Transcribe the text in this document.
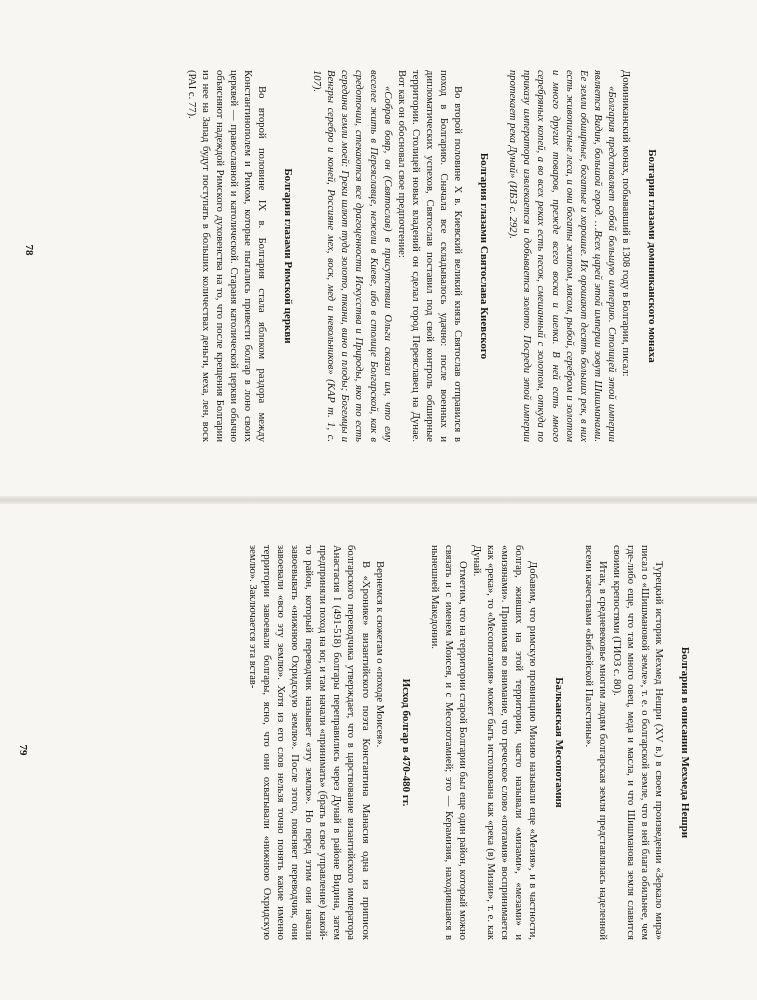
Болгария глазами доминиканского монаха

Доминиканский монах, побывавший в 1308 году в Болгарии, писал:

«Болгария представляет собой большую империю. Столицей этой империи является Видин, большой город. …Всех царей этой империи зовут Шишманами. Ее земли обширные, богатые и хорошие. Их орошают десять больших рек, в них есть живописные леса, и они богаты житом, мясом, рыбой, серебром и золотом и много других товаров, прежде всего воска и шелка. В ней есть много серебряных копей, а во всех реках есть песок, смешанный с золотом, откуда по приказу императора извлекается и добывается золото. Посреди этой империи протекает река Дунай» (ИБЗ с. 292).

Болгария глазами Святослава Киевского

Во второй половине Х в. Киевский великий князь Святослав отправился в поход в Болгарию. Сначала все складывалось удачно: после военных и дипломатических успехов, Святослав поставил под свой контроль обширные территории. Столицей новых владений он сделал город Переяславец на Дунае. Вот как он обосновал свое предпочтение:

«Собрав бояр, он (Святослав) в присутствии Ольги сказал им, что ему веселее жить в Переяславце, нежели в Киеве, ибо в столице Болгарской, как в средоточии, стекаются все драгоценности Искусства и Природы, яко то есть середина земли моей: Греки шлют туда золото, ткани, вино и плоды; Богемцы и Венгры серебро и коней, Россияне мех, воск, мед и невольников» (КАР т. 1, с. 107).

Болгария глазами Римской церкви

Во второй половине IX в. Болгария стала яблоком раздора между Константинополем и Римом, которые пытались привести болгар в лоно своих церквей — православной и католической. Стараня католической церкви обычно объясняют надеждой Римского духовенства на то, что после крещения Болгарии из нее на Запад будут поступать в больших количествах деньги, меха, лен, воск (РАІ с. 77).

78
Болгария в описании Мехмеда Нешри

Турецкий историк Мехмед Нешри (XV в.) в своем произведении «Зеркало мира» писал о «Шишмановой земле», т. е. о болгарской земле, что в ней блага обильнее, чем где-либо еще, что там много овец, меда и масла, и что Шишманова земля славится своими крепостями (ГИОЗ с. 80).

Итак, в средневековье многим людям болгарская земля представлялась наделенной всеми качествами «Библейской Палестины».

Балканская Месопотамия

Добавим, что римскую провинцию Мизию называли еще «Мезия», и в частности, болгар, живших на этой территории, часто называли «мизами», «мезами» и «мизянами». Принимая во внимание, что греческое слово «потамия» воспринимается как «река», то «Месопотамия» может быть истолкована как «река (в) Мизии», т. е. как Дунай.

Отметим, что на территории старой Болгарии был еще один район, который можно связать и с именем Моисея, и с Месопотамией; это — Керамизия, находившаяся в нынешней Македонии.

Исход болгар в 470-480 гг.

Вернемся к сюжетам о «походе Моисея».

В «Хронике» византийского поэта Константина Манасия одна из приписок болгарского переводчика утверждает, что в царствование византийского императора Анастасия I (491-518) болгары переправились через Дунай в районе Видина, затем предприняли поход на юг, и там начали «принимать» (брать в свое управление) какой-то район, который переводчик называет «эту землю». Но перед этим они начали завоевывать «нижнюю Охридскую землю». После этого, поясняет переводчик, они завоевали «всю эту землю». Хотя из его слов нельзя точно понять какие именно территории завоевали болгары, ясно, что они охватывали «нижнюю Охридскую землю». Заключается эта встав-

79
